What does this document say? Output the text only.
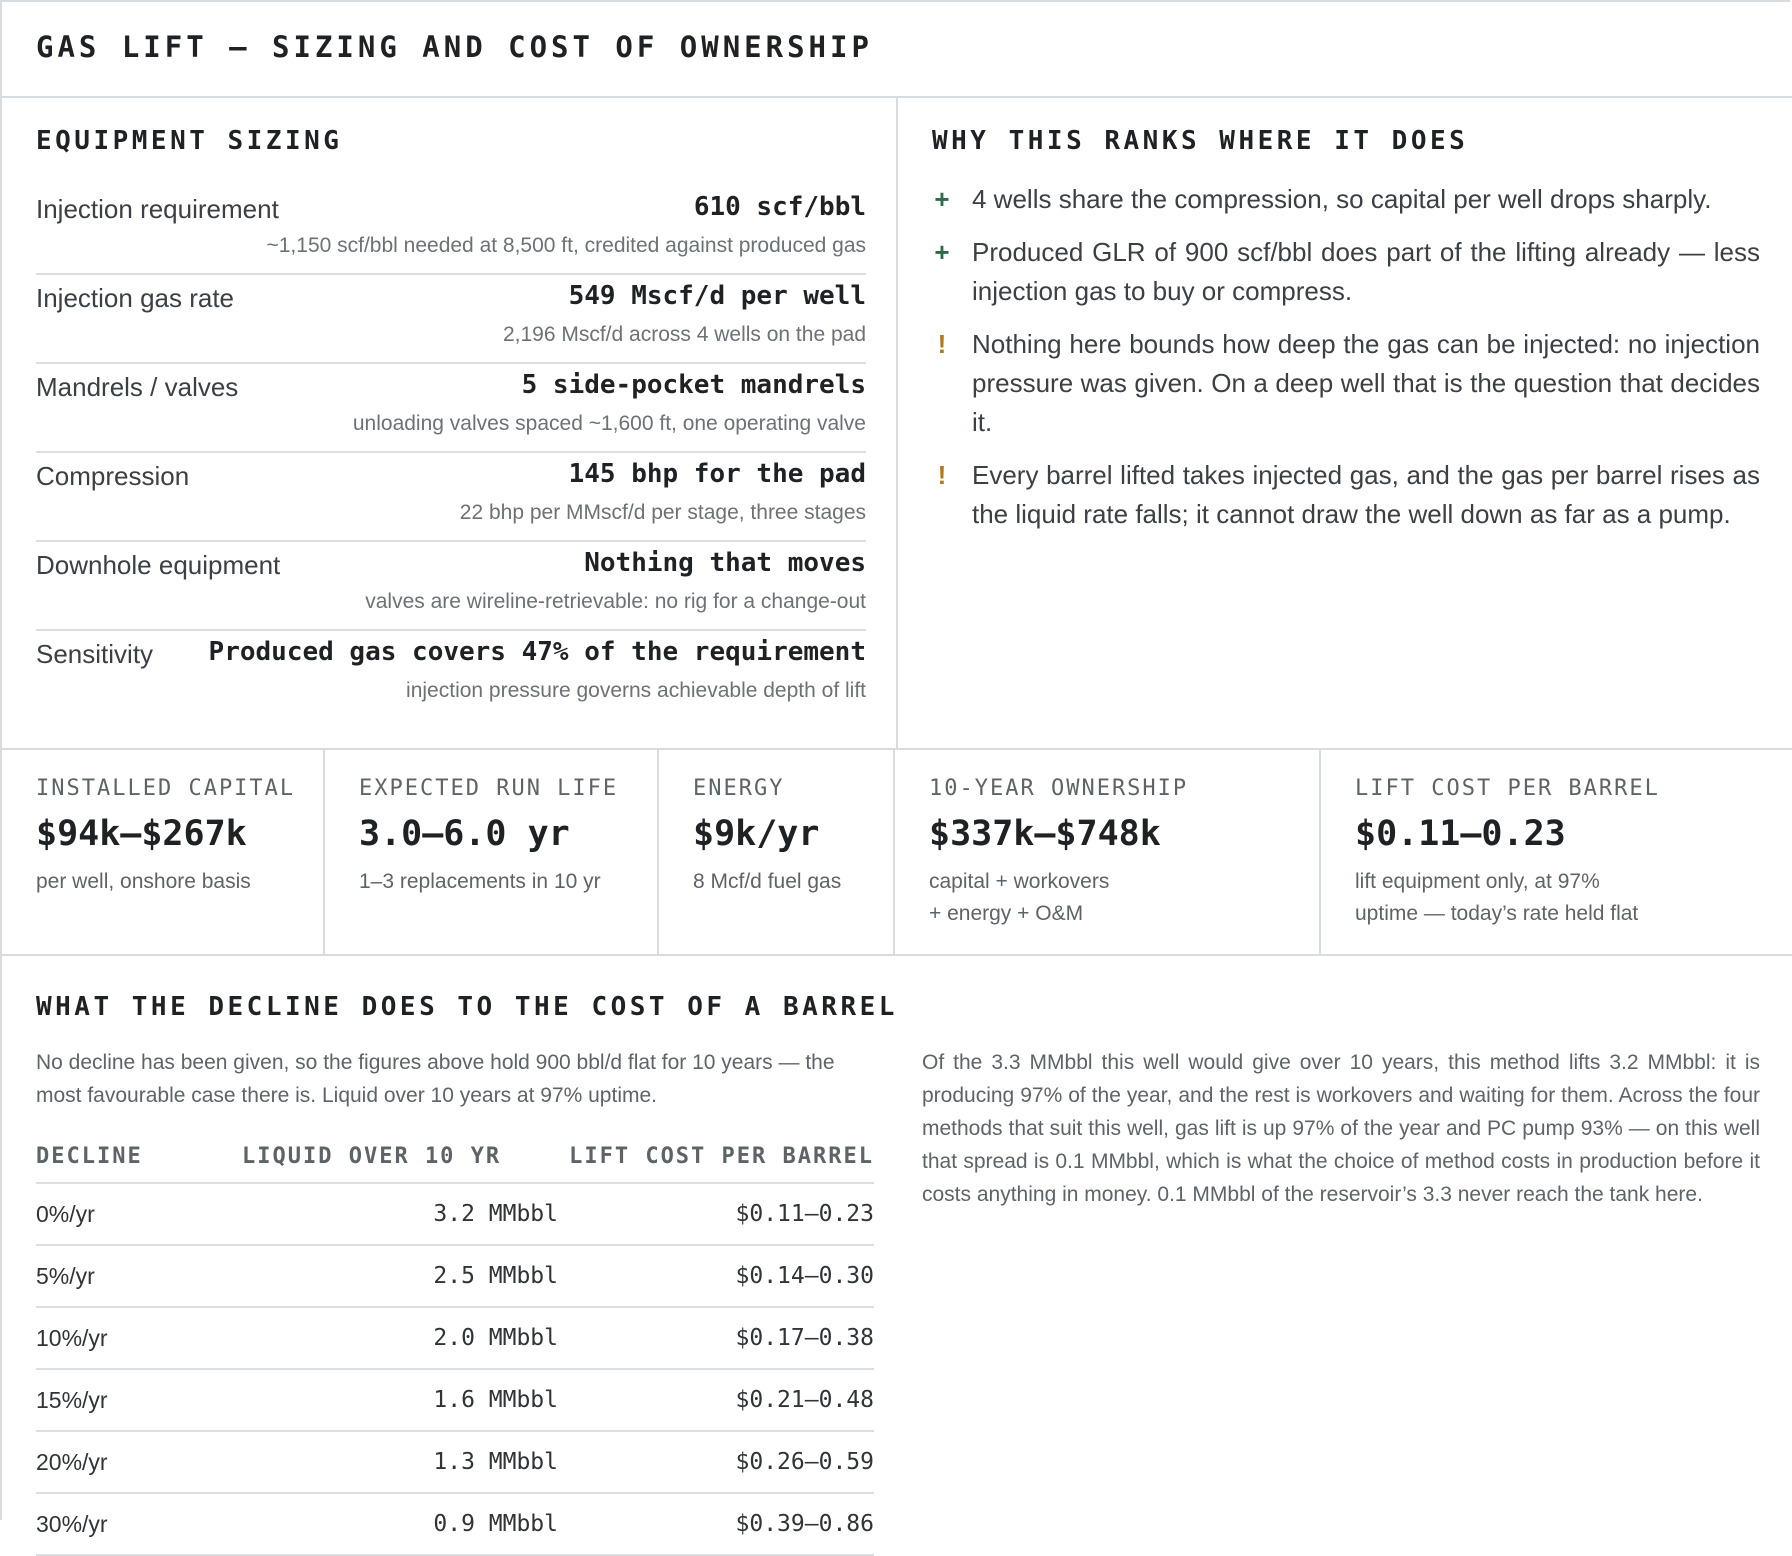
GAS LIFT — SIZING AND COST OF OWNERSHIP
EQUIPMENT SIZING
Injection requirement	610 scf/bbl
~1,150 scf/bbl needed at 8,500 ft, credited against produced gas
Injection gas rate	549 Mscf/d per well
2,196 Mscf/d across 4 wells on the pad
Mandrels / valves	5 side-pocket mandrels
unloading valves spaced ~1,600 ft, one operating valve
Compression	145 bhp for the pad
22 bhp per MMscf/d per stage, three stages
Downhole equipment	Nothing that moves
valves are wireline-retrievable: no rig for a change-out
Sensitivity Produced gas covers 47% of the requirement
injection pressure governs achievable depth of lift
WHY THIS RANKS WHERE IT DOES
+ 4 wells share the compression, so capital per well drops sharply.
+ Produced GLR of 900 scf/bbl does part of the lifting already — less injection gas to buy or compress.
! Nothing here bounds how deep the gas can be injected: no injection pressure was given. On a deep well that is the question that decides it.
! Every barrel lifted takes injected gas, and the gas per barrel rises as the liquid rate falls; it cannot draw the well down as far as a pump.
INSTALLED CAPITAL
$94k–$267k
per well, onshore basis

EXPECTED RUN LIFE
3.0–6.0 yr
1–3 replacements in 10 yr

ENERGY
$9k/yr
8 Mcf/d fuel gas

10-YEAR OWNERSHIP
$337k–$748k
capital + workovers
+ energy + O&M
LIFT COST PER BARREL
$0.11–0.23
lift equipment only, at 97%
uptime — today’s rate held flat
WHAT THE DECLINE DOES TO THE COST OF A BARREL
No decline has been given, so the figures above hold 900 bbl/d flat for 10 years — the most favourable case there is. Liquid over 10 years at 97% uptime.
DECLINE	LIQUID OVER 10 YR	LIFT COST PER BARREL
0%/yr	3.2 MMbbl	$0.11–0.23
5%/yr	2.5 MMbbl	$0.14–0.30
10%/yr	2.0 MMbbl	$0.17–0.38
15%/yr	1.6 MMbbl	$0.21–0.48
20%/yr	1.3 MMbbl	$0.26–0.59
30%/yr	0.9 MMbbl	$0.39–0.86
Of the 3.3 MMbbl this well would give over 10 years, this method lifts 3.2 MMbbl: it is producing 97% of the year, and the rest is workovers and waiting for them. Across the four methods that suit this well, gas lift is up 97% of the year and PC pump 93% — on this well that spread is 0.1 MMbbl, which is what the choice of method costs in production before it costs anything in money. 0.1 MMbbl of the reservoir’s 3.3 never reach the tank here.
